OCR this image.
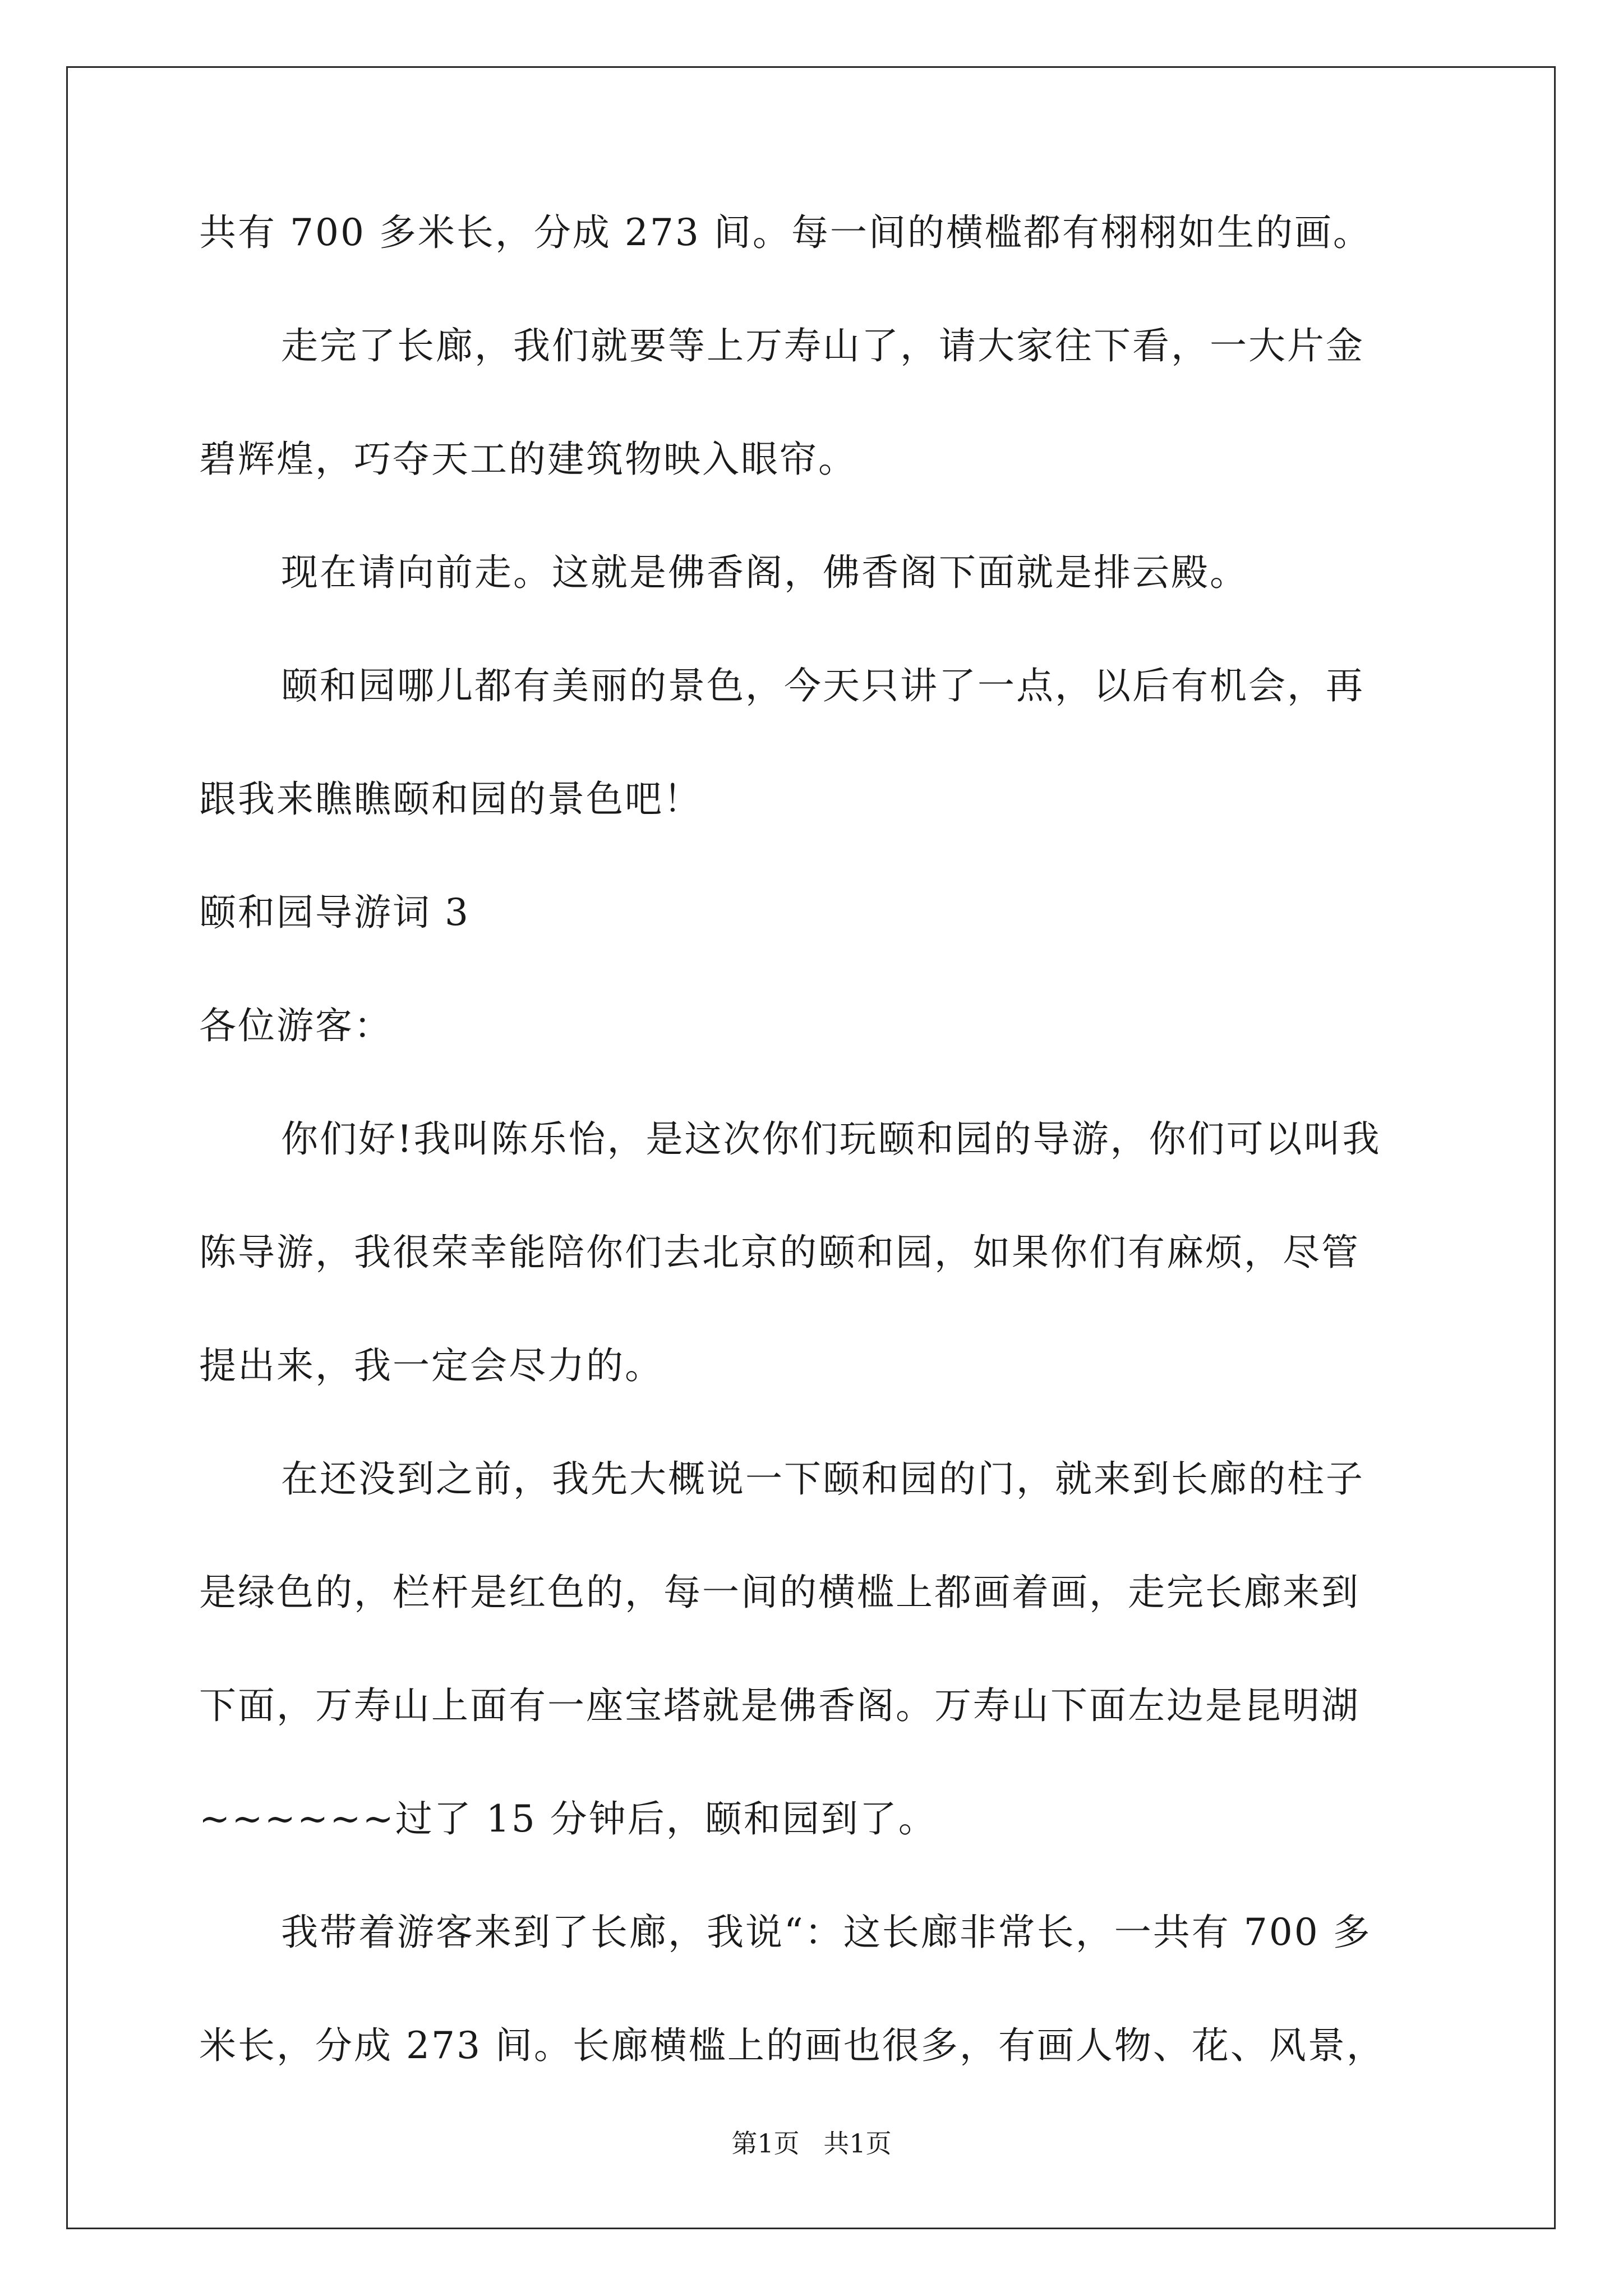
共有 700 多米长，分成 273 间。每一间的横槛都有栩栩如生的画。
走完了长廊，我们就要等上万寿山了，请大家往下看，一大片金
碧辉煌，巧夺天工的建筑物映入眼帘。
现在请向前走。这就是佛香阁，佛香阁下面就是排云殿。
颐和园哪儿都有美丽的景色，今天只讲了一点，以后有机会，再
跟我来瞧瞧颐和园的景色吧！
颐和园导游词 3
各位游客：
你们好!我叫陈乐怡，是这次你们玩颐和园的导游，你们可以叫我
陈导游，我很荣幸能陪你们去北京的颐和园，如果你们有麻烦，尽管
提出来，我一定会尽力的。
在还没到之前，我先大概说一下颐和园的门，就来到长廊的柱子
是绿色的，栏杆是红色的，每一间的横槛上都画着画，走完长廊来到
下面，万寿山上面有一座宝塔就是佛香阁。万寿山下面左边是昆明湖
~~~~~~过了 15 分钟后，颐和园到了。
我带着游客来到了长廊，我说“：这长廊非常长，一共有 700 多
米长，分成 273 间。长廊横槛上的画也很多，有画人物、花、风景，
第1页 共1页
